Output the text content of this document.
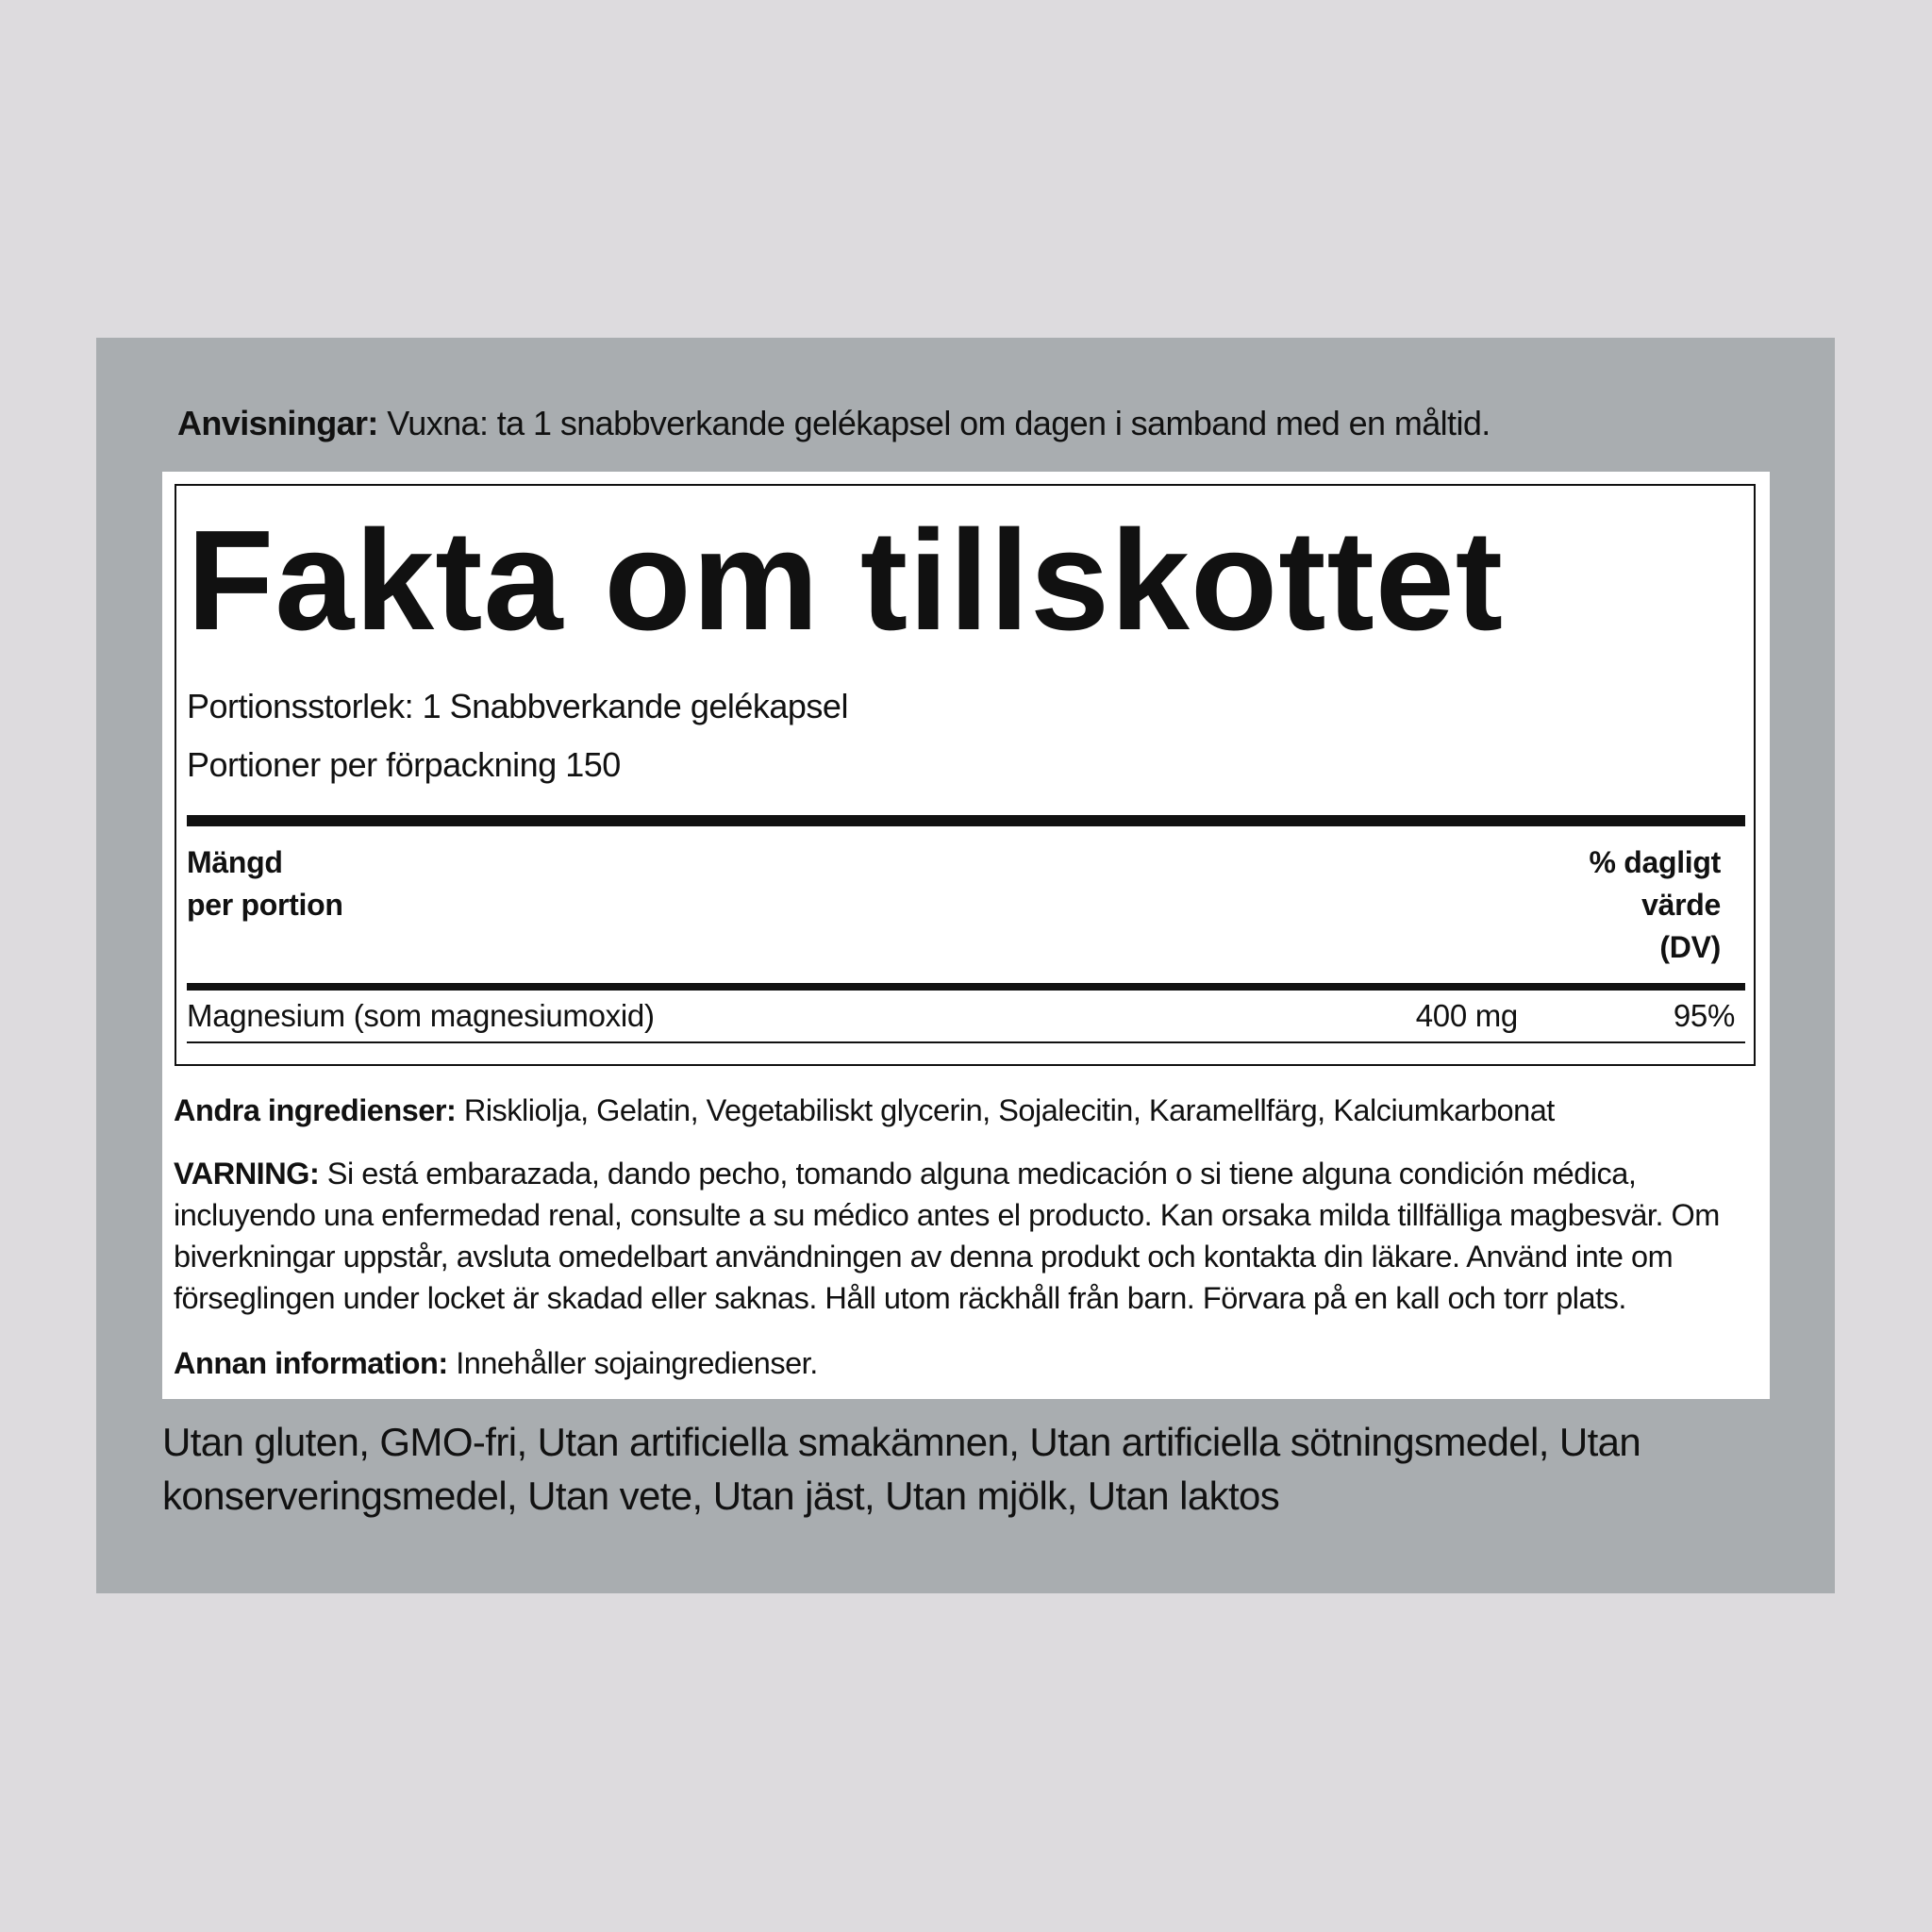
Anvisningar: Vuxna: ta 1 snabbverkande gelékapsel om dagen i samband med en måltid.
Fakta om tillskottet
Portionsstorlek: 1 Snabbverkande gelékapsel
Portioner per förpackning 150
Mängd
per portion
% dagligt
värde
(DV)
Magnesium (som magnesiumoxid)	400 mg	95%
Andra ingredienser: Riskliolja, Gelatin, Vegetabiliskt glycerin, Sojalecitin, Karamellfärg, Kalciumkarbonat
VARNING: Si está embarazada, dando pecho, tomando alguna medicación o si tiene alguna condición médica, incluyendo una enfermedad renal, consulte a su médico antes el producto. Kan orsaka milda tillfälliga magbesvär. Om biverkningar uppstår, avsluta omedelbart användningen av denna produkt och kontakta din läkare. Använd inte om förseglingen under locket är skadad eller saknas. Håll utom räckhåll från barn. Förvara på en kall och torr plats.
Annan information: Innehåller sojaingredienser.
Utan gluten, GMO-fri, Utan artificiella smakämnen, Utan artificiella sötningsmedel, Utan konserveringsmedel, Utan vete, Utan jäst, Utan mjölk, Utan laktos
